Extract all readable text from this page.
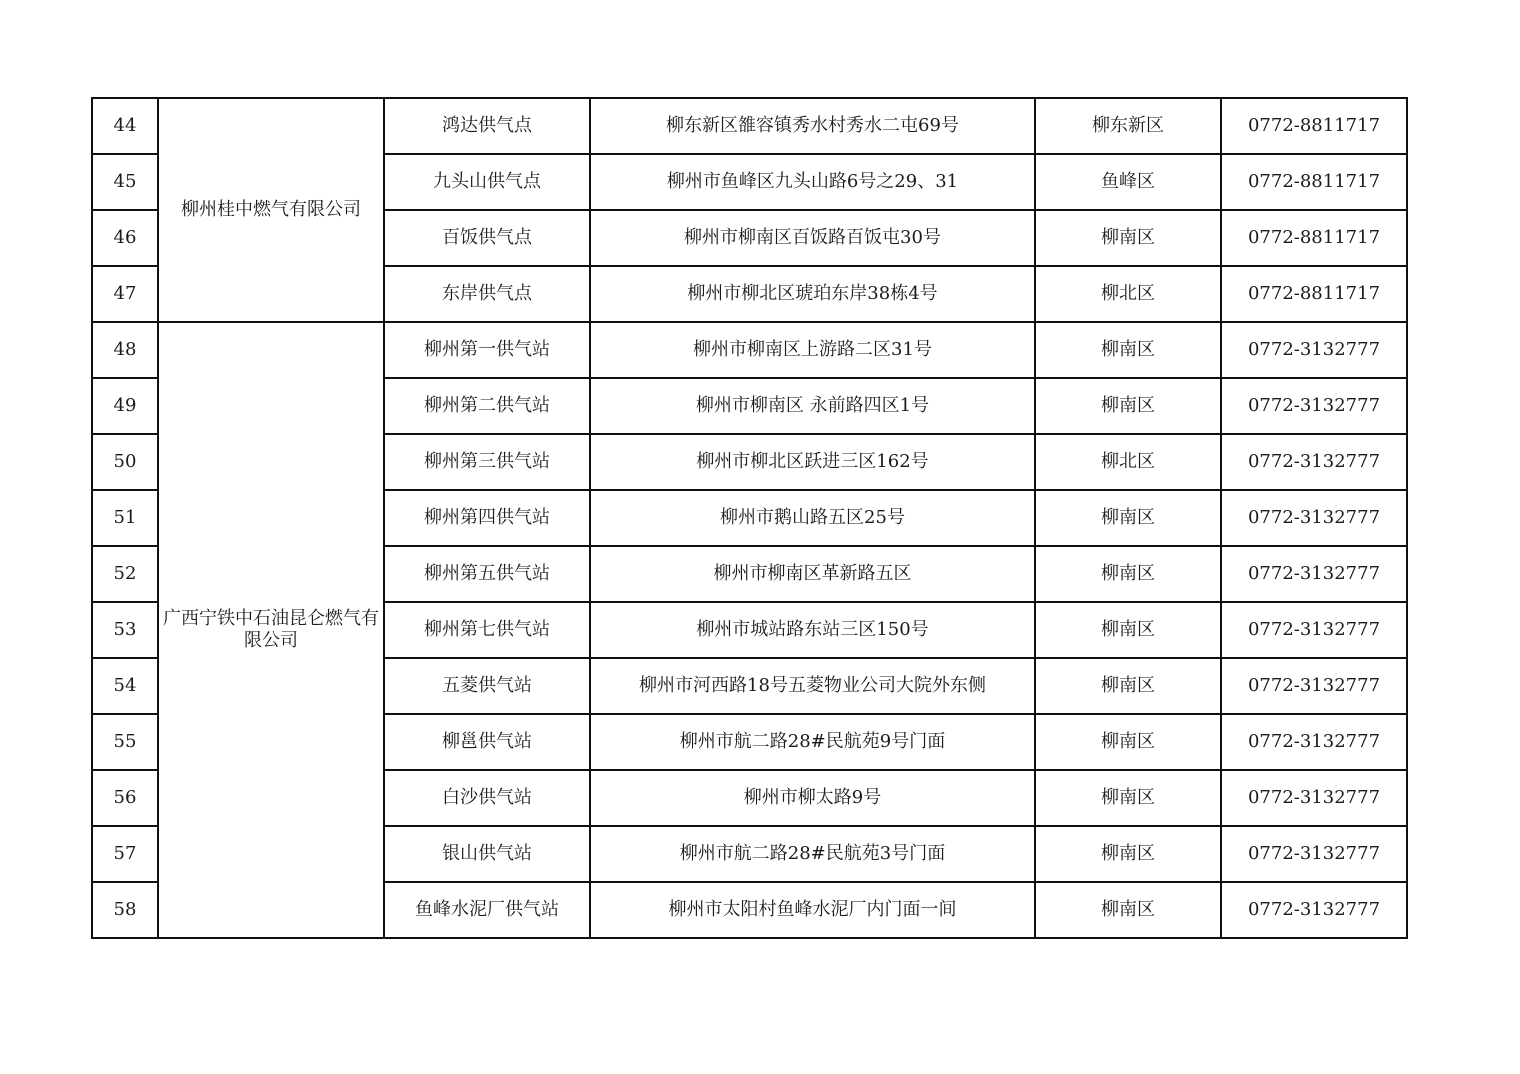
44	柳州桂中燃气有限公司	鸿达供气点	柳东新区雒容镇秀水村秀水二屯69号	柳东新区	0772-8811717
45		九头山供气点	柳州市鱼峰区九头山路6号之29、31	鱼峰区	0772-8811717
46		百饭供气点	柳州市柳南区百饭路百饭屯30号	柳南区	0772-8811717
47		东岸供气点	柳州市柳北区琥珀东岸38栋4号	柳北区	0772-8811717
48	广西宁铁中石油昆仑燃气有限公司	柳州第一供气站	柳州市柳南区上游路二区31号	柳南区	0772-3132777
49		柳州第二供气站	柳州市柳南区 永前路四区1号	柳南区	0772-3132777
50		柳州第三供气站	柳州市柳北区跃进三区162号	柳北区	0772-3132777
51		柳州第四供气站	柳州市鹅山路五区25号	柳南区	0772-3132777
52		柳州第五供气站	柳州市柳南区革新路五区	柳南区	0772-3132777
53		柳州第七供气站	柳州市城站路东站三区150号	柳南区	0772-3132777
54		五菱供气站	柳州市河西路18号五菱物业公司大院外东侧	柳南区	0772-3132777
55		柳邕供气站	柳州市航二路28#民航苑9号门面	柳南区	0772-3132777
56		白沙供气站	柳州市柳太路9号	柳南区	0772-3132777
57		银山供气站	柳州市航二路28#民航苑3号门面	柳南区	0772-3132777
58		鱼峰水泥厂供气站	柳州市太阳村鱼峰水泥厂内门面一间	柳南区	0772-3132777
